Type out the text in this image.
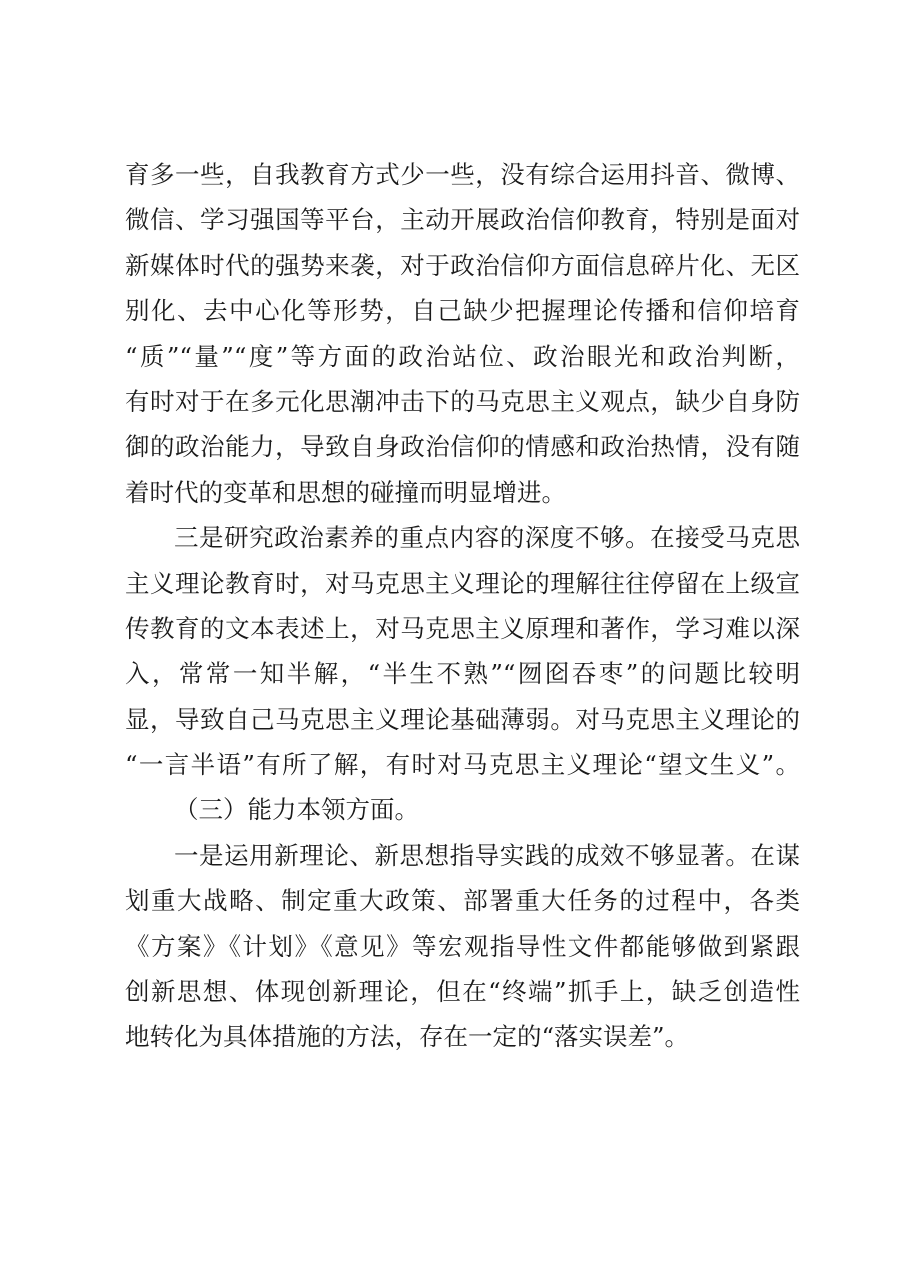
育多一些，自我教育方式少一些，没有综合运用抖音、微博、
微信、学习强国等平台，主动开展政治信仰教育，特别是面对
新媒体时代的强势来袭，对于政治信仰方面信息碎片化、无区
别化、去中心化等形势，自己缺少把握理论传播和信仰培育
“质”“量”“度”等方面的政治站位、政治眼光和政治判断，
有时对于在多元化思潮冲击下的马克思主义观点，缺少自身防
御的政治能力，导致自身政治信仰的情感和政治热情，没有随
着时代的变革和思想的碰撞而明显增进。
三是研究政治素养的重点内容的深度不够。在接受马克思
主义理论教育时，对马克思主义理论的理解往往停留在上级宣
传教育的文本表述上，对马克思主义原理和著作，学习难以深
入，常常一知半解，“半生不熟”“囫囵吞枣”的问题比较明
显，导致自己马克思主义理论基础薄弱。对马克思主义理论的
“一言半语”有所了解，有时对马克思主义理论“望文生义”。
（三）能力本领方面。
一是运用新理论、新思想指导实践的成效不够显著。在谋
划重大战略、制定重大政策、部署重大任务的过程中，各类
《方案》《计划》《意见》等宏观指导性文件都能够做到紧跟
创新思想、体现创新理论，但在“终端”抓手上，缺乏创造性
地转化为具体措施的方法，存在一定的“落实误差”。
